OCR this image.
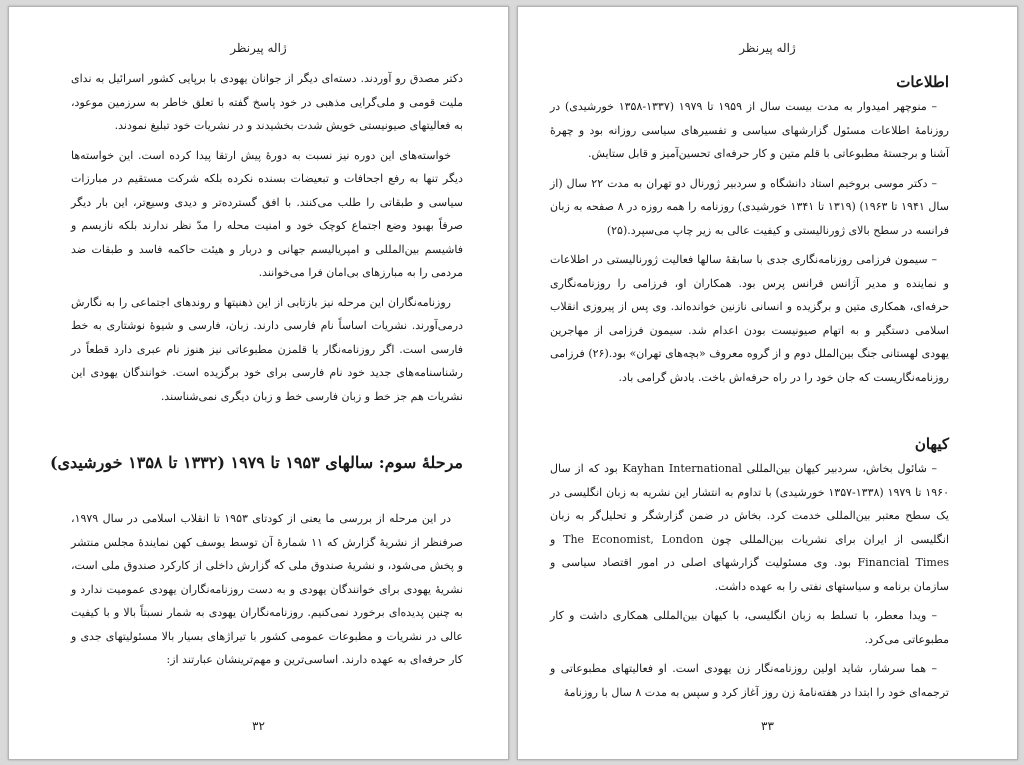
ژاله پیرنظر

دکتر مصدق رو آوردند. دسته‌ای دیگر از جوانان یهودی با برپایی کشور اسرائیل به ندای ملیت قومی و ملی‌گرایی مذهبی در خود پاسخ گفته با تعلق خاطر به سرزمین موعود، به فعالیتهای صیونیستی خویش شدت بخشیدند و در نشریات خود تبلیغ نمودند.

خواسته‌های این دوره نیز نسبت به دورهٔ پیش ارتقا پیدا کرده است. این خواسته‌ها دیگر تنها به رفع اجحافات و تبعیضات بسنده نکرده بلکه شرکت مستقیم در مبارزات سیاسی و طبقاتی را طلب می‌کنند. با افق گسترده‌تر و دیدی وسیع‌تر، این بار دیگر صرفاً بهبود وضع اجتماع کوچک خود و امنیت محله را مدّ نظر ندارند بلکه نازیسم و فاشیسم بین‌المللی و امپریالیسم جهانی و دربار و هیئت حاکمه فاسد و طبقات ضد مردمی را به مبارزهای بی‌امان فرا می‌خوانند.

روزنامه‌نگاران این مرحله نیز بازتابی از این ذهنیتها و روندهای اجتماعی را به نگارش درمی‌آورند. نشریات اساساً نام فارسی دارند. زبان، فارسی و شیوهٔ نوشتاری به خط فارسی است. اگر روزنامه‌نگار یا قلمزن مطبوعاتی نیز هنوز نام عبری دارد قطعاً در رشناسنامه‌های جدید خود نام فارسی برای خود برگزیده است. خوانندگان یهودی این نشریات هم جز خط و زبان فارسی خط و زبان دیگری نمی‌شناسند.

مرحلهٔ سوم: سالهای ۱۹۵۳ تا ۱۹۷۹ (۱۳۳۲ تا ۱۳۵۸ خورشیدی)

در این مرحله از بررسی ما یعنی از کودتای ۱۹۵۳ تا انقلاب اسلامی در سال ۱۹۷۹، صرفنظر از نشریهٔ گزارش که ۱۱ شمارهٔ آن توسط یوسف کهن نمایندهٔ مجلس منتشر و پخش می‌شود، و نشریهٔ صندوق ملی که گزارش داخلی از کارکرد صندوق ملی است، نشریهٔ یهودی برای خوانندگان یهودی و به دست روزنامه‌نگاران یهودی عمومیت ندارد و به چنین پدیده‌ای برخورد نمی‌کنیم. روزنامه‌نگاران یهودی به شمار نسبتاً بالا و با کیفیت عالی در نشریات و مطبوعات عمومی کشور با تیراژهای بسیار بالا مسئولیتهای جدی و کار حرفه‌ای به عهده دارند. اساسی‌ترین و مهم‌ترینشان عبارتند از:

۳۲
ژاله پیرنظر
اطلاعات

– منوچهر امیدوار به مدت بیست سال از ۱۹۵۹ تا ۱۹۷۹ (۱۳۳۷-۱۳۵۸ خورشیدی) در روزنامهٔ اطلاعات مسئول گزارشهای سیاسی و تفسیرهای سیاسی روزانه بود و چهرهٔ آشنا و برجستهٔ مطبوعاتی با قلم متین و کار حرفه‌ای تحسین‌آمیز و قابل ستایش.

– دکتر موسی بروخیم استاد دانشگاه و سردبیر ژورنال دو تهران به مدت ۲۲ سال (از سال ۱۹۴۱ تا ۱۹۶۳) (۱۳۱۹ تا ۱۳۴۱ خورشیدی) روزنامه را همه روزه در ۸ صفحه به زبان فرانسه در سطح بالای ژورنالیستی و کیفیت عالی به زیر چاپ می‌سپرد.(۲۵)

– سیمون فرزامی روزنامه‌نگاری جدی با سابقهٔ سالها فعالیت ژورنالیستی در اطلاعات و نماینده و مدیر آژانس فرانس پرس بود. همکاران او، فرزامی را روزنامه‌نگاری حرفه‌ای، همکاری متین و برگزیده و انسانی نازنین خوانده‌اند. وی پس از پیروزی انقلاب اسلامی دستگیر و به اتهام صیونیست بودن اعدام شد. سیمون فرزامی از مهاجرین یهودی لهستانی جنگ بین‌الملل دوم و از گروه معروف «بچه‌های تهران» بود.(۲۶) فرزامی روزنامه‌نگاریست که جان خود را در راه حرفه‌اش باخت. یادش گرامی باد.

کیهان

– شائول بخاش، سردبیر کیهان بین‌المللی Kayhan International بود که از سال ۱۹۶۰ تا ۱۹۷۹ (۱۳۳۸-۱۳۵۷ خورشیدی) با تداوم به انتشار این نشریه به زبان انگلیسی در یک سطح معتبر بین‌المللی خدمت کرد. بخاش در ضمن گزارشگر و تحلیل‌گر به زبان انگلیسی از ایران برای نشریات بین‌المللی چون The Economist, London و Financial Times بود. وی مسئولیت گزارشهای اصلی در امور اقتصاد سیاسی و سازمان برنامه و سیاستهای نفتی را به عهده داشت.

– ویدا معطر، با تسلط به زبان انگلیسی، با کیهان بین‌المللی همکاری داشت و کار مطبوعاتی می‌کرد.

– هما سرشار، شاید اولین روزنامه‌نگار زن یهودی است. او فعالیتهای مطبوعاتی و ترجمه‌ای خود را ابتدا در هفته‌نامهٔ زن روز آغاز کرد و سپس به مدت ۸ سال با روزنامهٔ

۳۳
